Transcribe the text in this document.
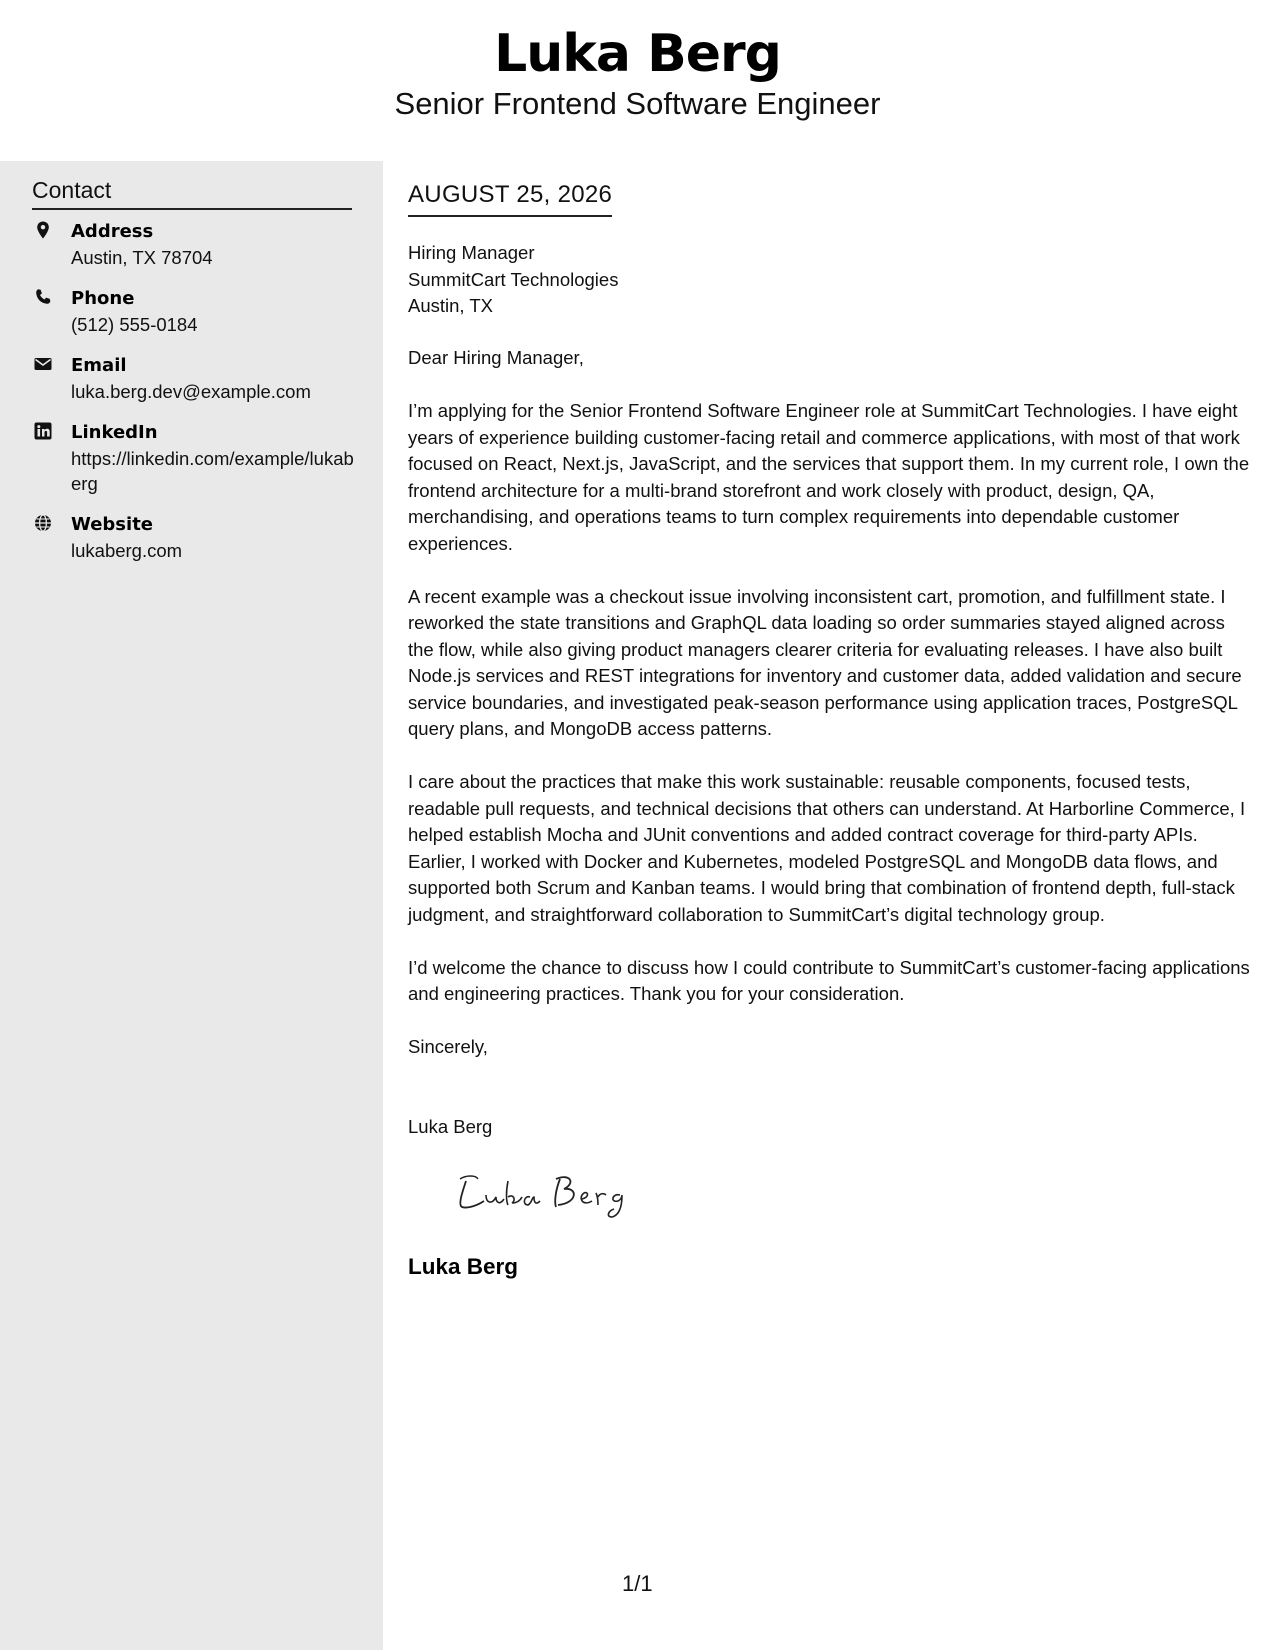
Luka Berg
Senior Frontend Software Engineer
Contact
Address
Austin, TX 78704
Phone
(512) 555-0184
Email
luka.berg.dev@example.com
LinkedIn
https://linkedin.com/example/lukaberg
Website
lukaberg.com
AUGUST 25, 2026
Hiring Manager
SummitCart Technologies
Austin, TX

Dear Hiring Manager,

I’m applying for the Senior Frontend Software Engineer role at SummitCart Technologies. I have eight years of experience building customer-facing retail and commerce applications, with most of that work focused on React, Next.js, JavaScript, and the services that support them. In my current role, I own the frontend architecture for a multi-brand storefront and work closely with product, design, QA, merchandising, and operations teams to turn complex requirements into dependable customer experiences.

A recent example was a checkout issue involving inconsistent cart, promotion, and fulfillment state. I reworked the state transitions and GraphQL data loading so order summaries stayed aligned across the flow, while also giving product managers clearer criteria for evaluating releases. I have also built Node.js services and REST integrations for inventory and customer data, added validation and secure service boundaries, and investigated peak-season performance using application traces, PostgreSQL query plans, and MongoDB access patterns.

I care about the practices that make this work sustainable: reusable components, focused tests, readable pull requests, and technical decisions that others can understand. At Harborline Commerce, I helped establish Mocha and JUnit conventions and added contract coverage for third-party APIs. Earlier, I worked with Docker and Kubernetes, modeled PostgreSQL and MongoDB data flows, and supported both Scrum and Kanban teams. I would bring that combination of frontend depth, full-stack judgment, and straightforward collaboration to SummitCart’s digital technology group.

I’d welcome the chance to discuss how I could contribute to SummitCart’s customer-facing applications and engineering practices. Thank you for your consideration.

Sincerely,

Luka Berg
Luka Berg
1/1
